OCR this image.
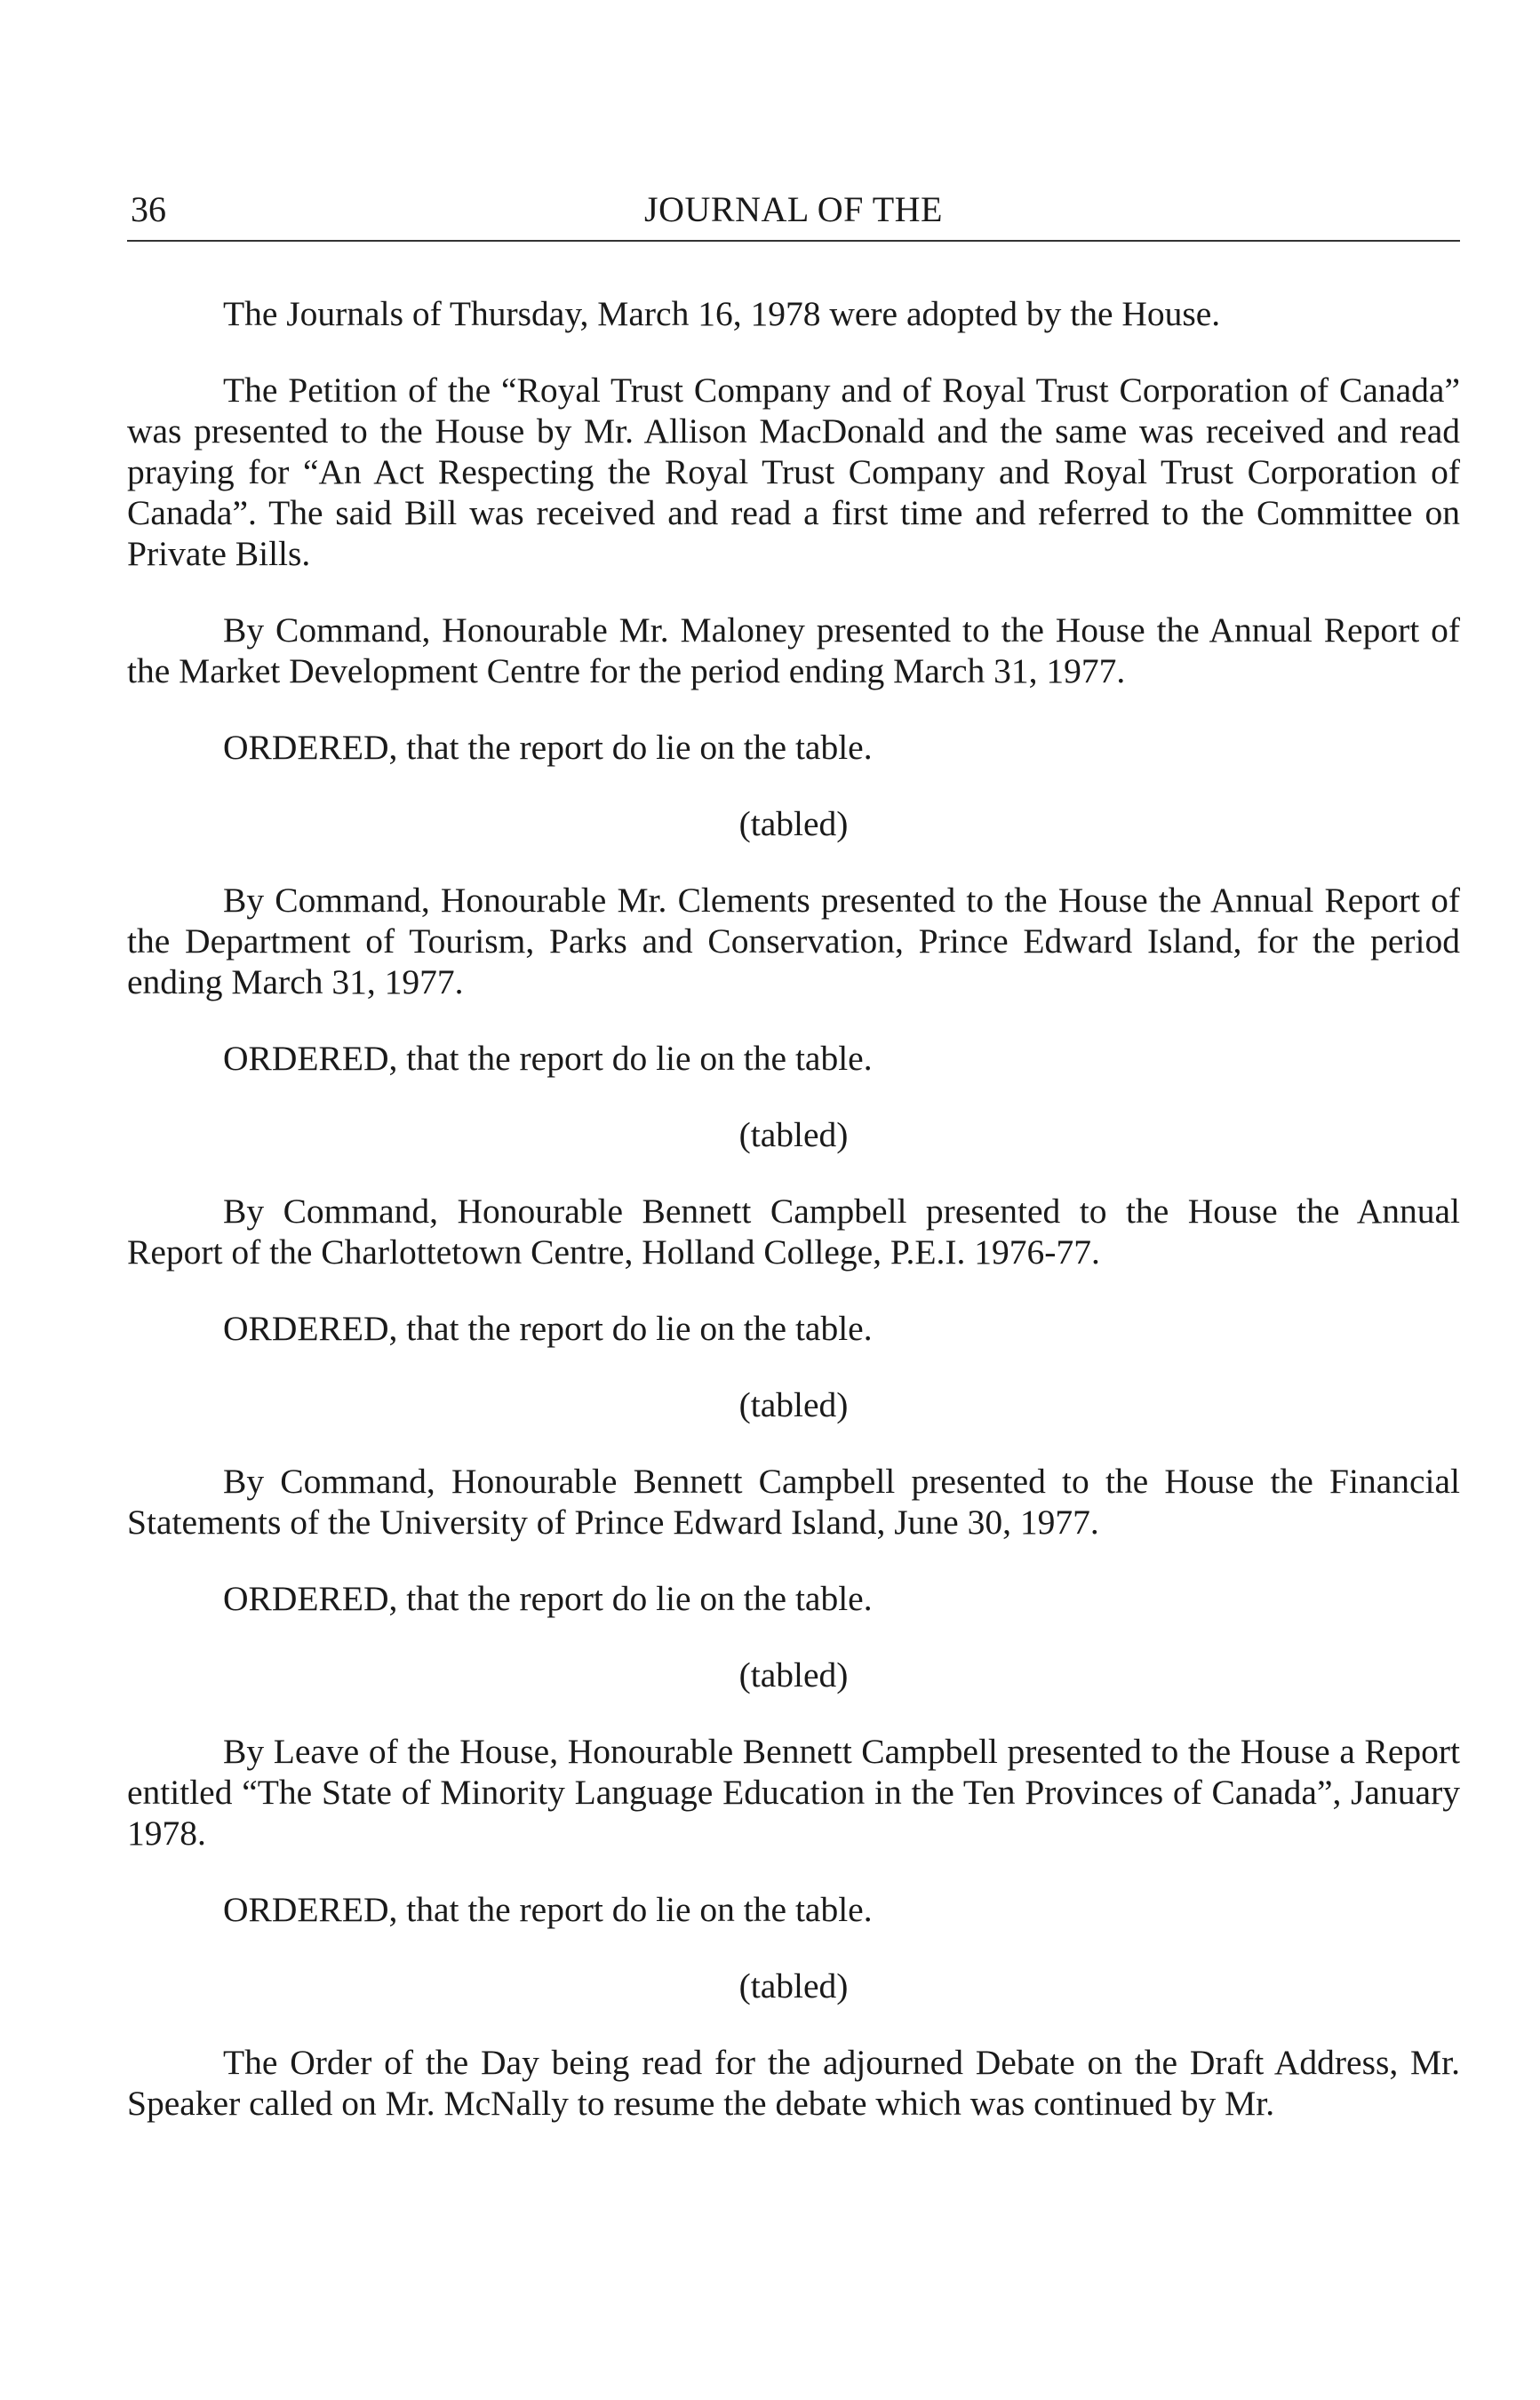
36	JOURNAL OF THE

The Journals of Thursday, March 16, 1978 were adopted by the House.

The Petition of the “Royal Trust Company and of Royal Trust Corporation of Canada” was presented to the House by Mr. Allison MacDonald and the same was received and read praying for “An Act Respecting the Royal Trust Company and Royal Trust Corporation of Canada”. The said Bill was received and read a first time and referred to the Committee on Private Bills.

By Command, Honourable Mr. Maloney presented to the House the Annual Report of the Market Development Centre for the period ending March 31, 1977.

ORDERED, that the report do lie on the table.

(tabled)

By Command, Honourable Mr. Clements presented to the House the Annual Report of the Department of Tourism, Parks and Conservation, Prince Edward Island, for the period ending March 31, 1977.

ORDERED, that the report do lie on the table.

(tabled)

By Command, Honourable Bennett Campbell presented to the House the Annual Report of the Charlottetown Centre, Holland College, P.E.I. 1976-77.

ORDERED, that the report do lie on the table.

(tabled)

By Command, Honourable Bennett Campbell presented to the House the Financial Statements of the University of Prince Edward Island, June 30, 1977.

ORDERED, that the report do lie on the table.

(tabled)

By Leave of the House, Honourable Bennett Campbell presented to the House a Report entitled “The State of Minority Language Education in the Ten Provinces of Canada”, January 1978.

ORDERED, that the report do lie on the table.

(tabled)

The Order of the Day being read for the adjourned Debate on the Draft Address, Mr. Speaker called on Mr. McNally to resume the debate which was continued by Mr.
